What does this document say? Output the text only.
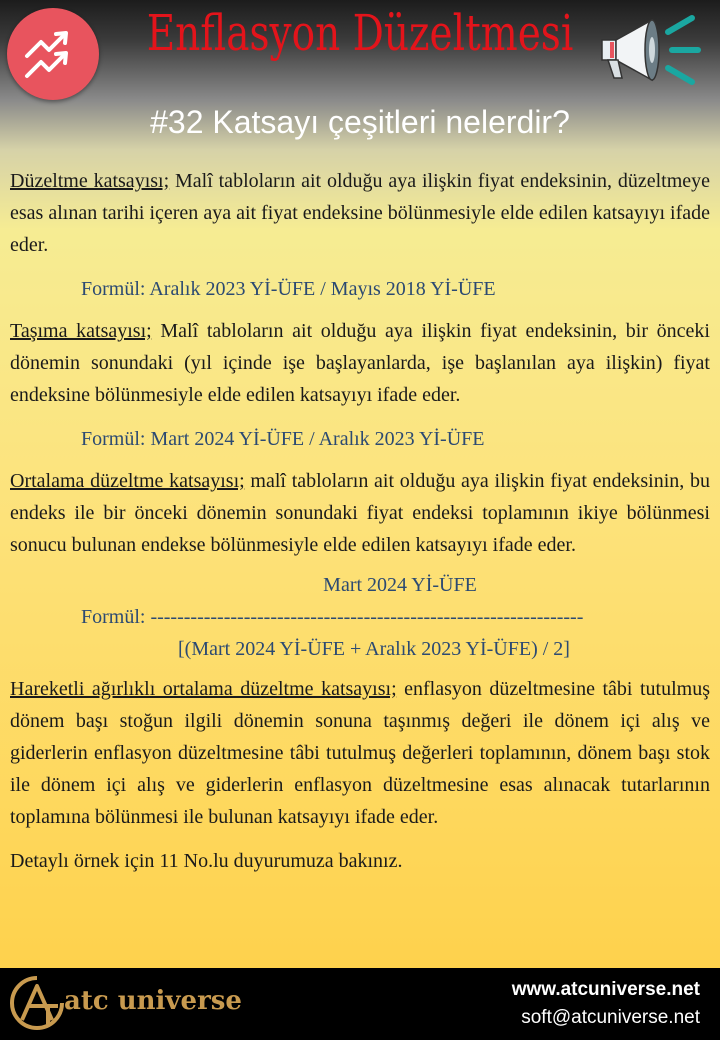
Enflasyon Düzeltmesi
#32 Katsayı çeşitleri nelerdir?

Düzeltme katsayısı; Malî tabloların ait olduğu aya ilişkin fiyat endeksinin, düzeltmeye esas alınan tarihi içeren aya ait fiyat endeksine bölünmesiyle elde edilen katsayıyı ifade eder.

Formül: Aralık 2023 Yİ-ÜFE / Mayıs 2018 Yİ-ÜFE

Taşıma katsayısı; Malî tabloların ait olduğu aya ilişkin fiyat endeksinin, bir önceki dönemin sonundaki (yıl içinde işe başlayanlarda, işe başlanılan aya ilişkin) fiyat endeksine bölünmesiyle elde edilen katsayıyı ifade eder.

Formül: Mart 2024 Yİ-ÜFE / Aralık 2023 Yİ-ÜFE

Ortalama düzeltme katsayısı; malî tabloların ait olduğu aya ilişkin fiyat endeksinin, bu endeks ile bir önceki dönemin sonundaki fiyat endeksi toplamının ikiye bölünmesi sonucu bulunan endekse bölünmesiyle elde edilen katsayıyı ifade eder.

Mart 2024 Yİ-ÜFE
Formül: -----------------------------------------------------------------
[(Mart 2024 Yİ-ÜFE + Aralık 2023 Yİ-ÜFE) / 2]

Hareketli ağırlıklı ortalama düzeltme katsayısı; enflasyon düzeltmesine tâbi tutulmuş dönem başı stoğun ilgili dönemin sonuna taşınmış değeri ile dönem içi alış ve giderlerin enflasyon düzeltmesine tâbi tutulmuş değerleri toplamının, dönem başı stok ile dönem içi alış ve giderlerin enflasyon düzeltmesine esas alınacak tutarlarının toplamına bölünmesi ile bulunan katsayıyı ifade eder.

Detaylı örnek için 11 No.lu duyurumuza bakınız.

atc universe	www.atcuniverse.net
soft@atcuniverse.net
